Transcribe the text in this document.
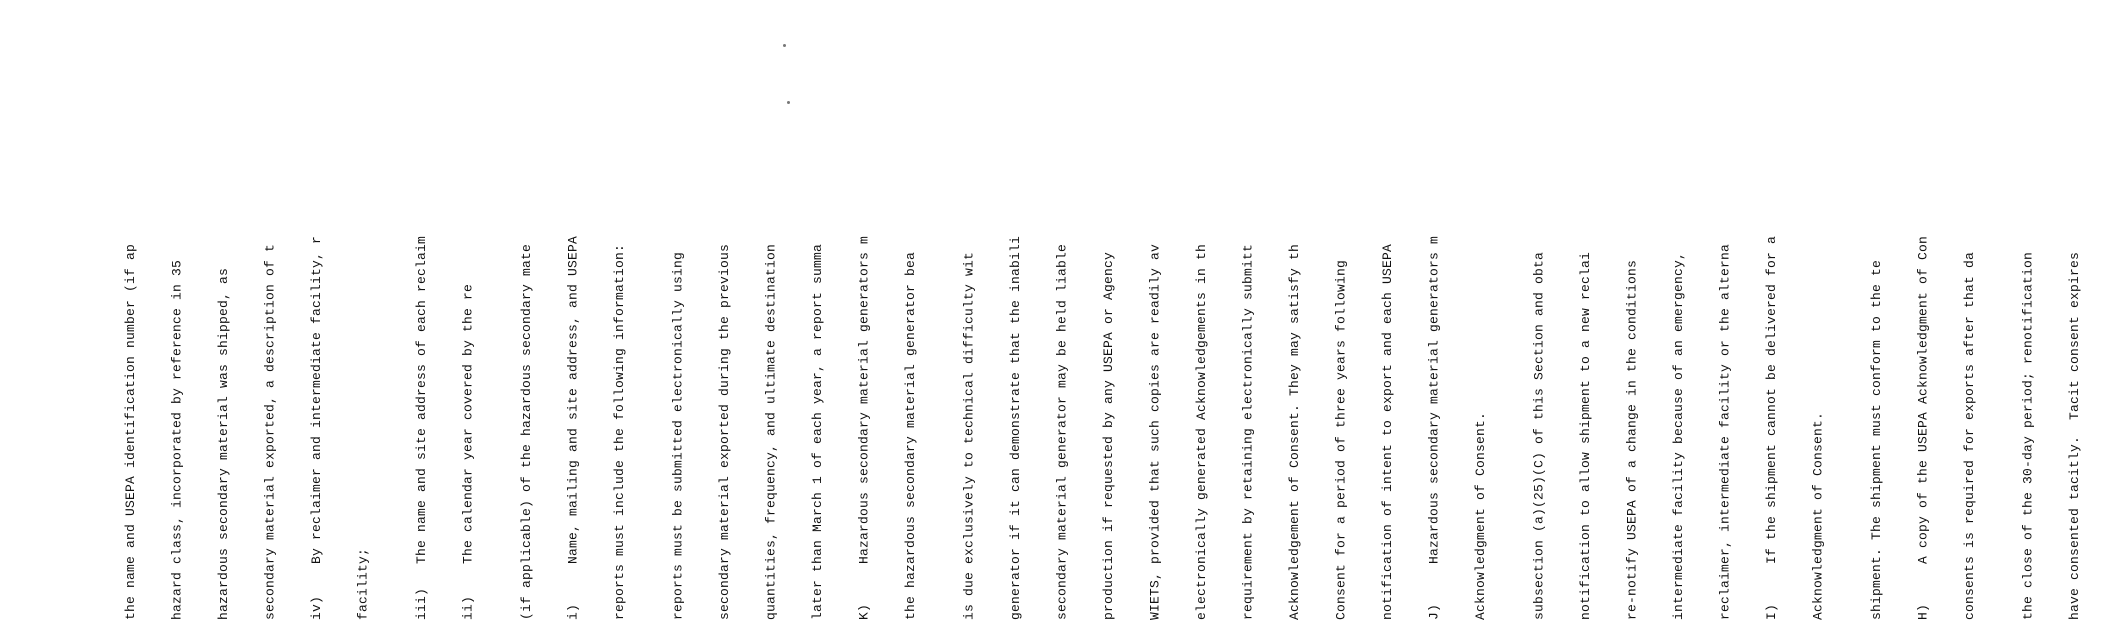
the name and USEPA identification number (if ap

hazard class, incorporated by reference in 35

hazardous secondary material was shipped, as

secondary material exported, a description of t

iv)    By reclaimer and intermediate facility, r

facility;

	iii)   The name and site address of each reclaim

ii)    The calendar year covered by the re

	(if applicable) of the hazardous secondary mate

i)     Name, mailing and site address, and USEPA

reports must include the following information:

	reports must be submitted electronically using

secondary material exported during the previous

quantities, frequency, and ultimate destination

later than March 1 of each year, a report summa

K)     Hazardous secondary material generators m

the hazardous secondary material generator bea

	is due exclusively to technical difficulty wit

generator if it can demonstrate that the inabili

secondary material generator may be held liable

production if requested by any USEPA or Agency

WIETS, provided that such copies are readily av

electronically generated Acknowledgements in th

requirement by retaining electronically submitt

Acknowledgement of Consent. They may satisfy th

Consent for a period of three years following

notification of intent to export and each USEPA

J)     Hazardous secondary material generators m

Acknowledgment of Consent.

	subsection (a)(25)(C) of this Section and obta

notification to allow shipment to a new reclai

re-notify USEPA of a change in the conditions

intermediate facility because of an emergency,

reclaimer, intermediate facility or the alterna

I)     If the shipment cannot be delivered for a

Acknowledgment of Consent.

	shipment. The shipment must conform to the te

H)     A copy of the USEPA Acknowledgment of Con

consents is required for exports after that da

	the close of the 30-day period; renotification

have consented tacitly.  Tacit consent expires
